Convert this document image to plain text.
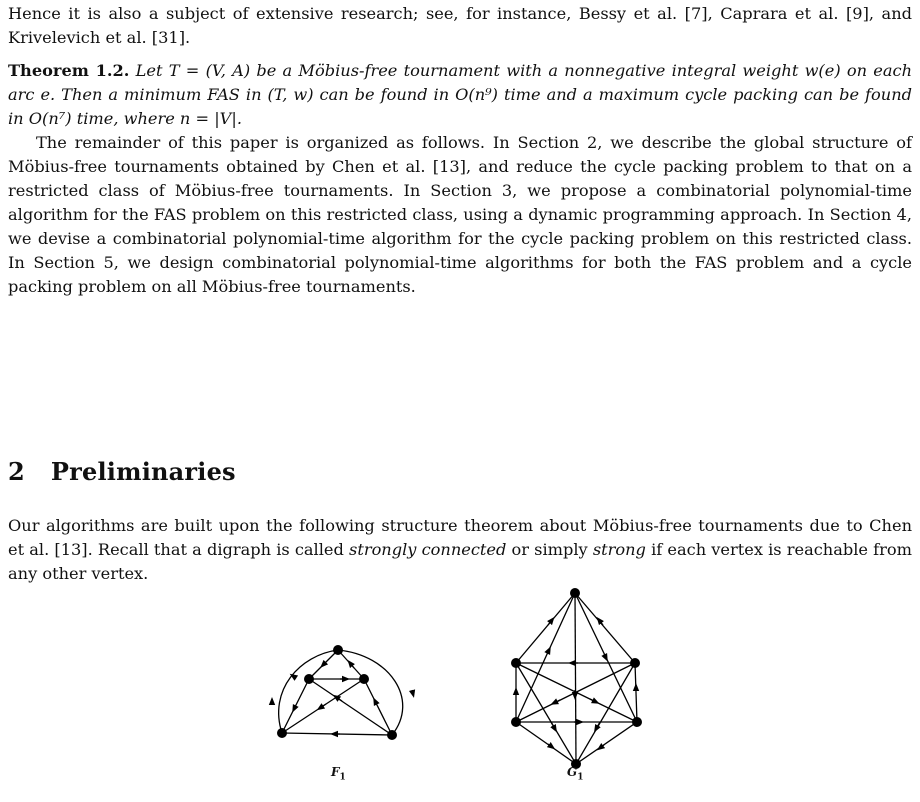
Hence it is also a subject of extensive research; see, for instance, Bessy et al. [7], Caprara et al. [9], and Krivelevich et al. [31].

Theorem 1.2. Let T = (V, A) be a Möbius-free tournament with a nonnegative integral weight w(e) on each arc e. Then a minimum FAS in (T, w) can be found in O(n⁹) time and a maximum cycle packing can be found in O(n⁷) time, where n = |V|.

The remainder of this paper is organized as follows. In Section 2, we describe the global structure of Möbius-free tournaments obtained by Chen et al. [13], and reduce the cycle packing problem to that on a restricted class of Möbius-free tournaments. In Section 3, we propose a combinatorial polynomial-time algorithm for the FAS problem on this restricted class, using a dynamic programming approach. In Section 4, we devise a combinatorial polynomial-time algorithm for the cycle packing problem on this restricted class. In Section 5, we design combinatorial polynomial-time algorithms for both the FAS problem and a cycle packing problem on all Möbius-free tournaments.

2 Preliminaries

Our algorithms are built upon the following structure theorem about Möbius-free tournaments due to Chen et al. [13]. Recall that a digraph is called strongly connected or simply strong if each vertex is reachable from any other vertex.

$F_1$	$G_1$
